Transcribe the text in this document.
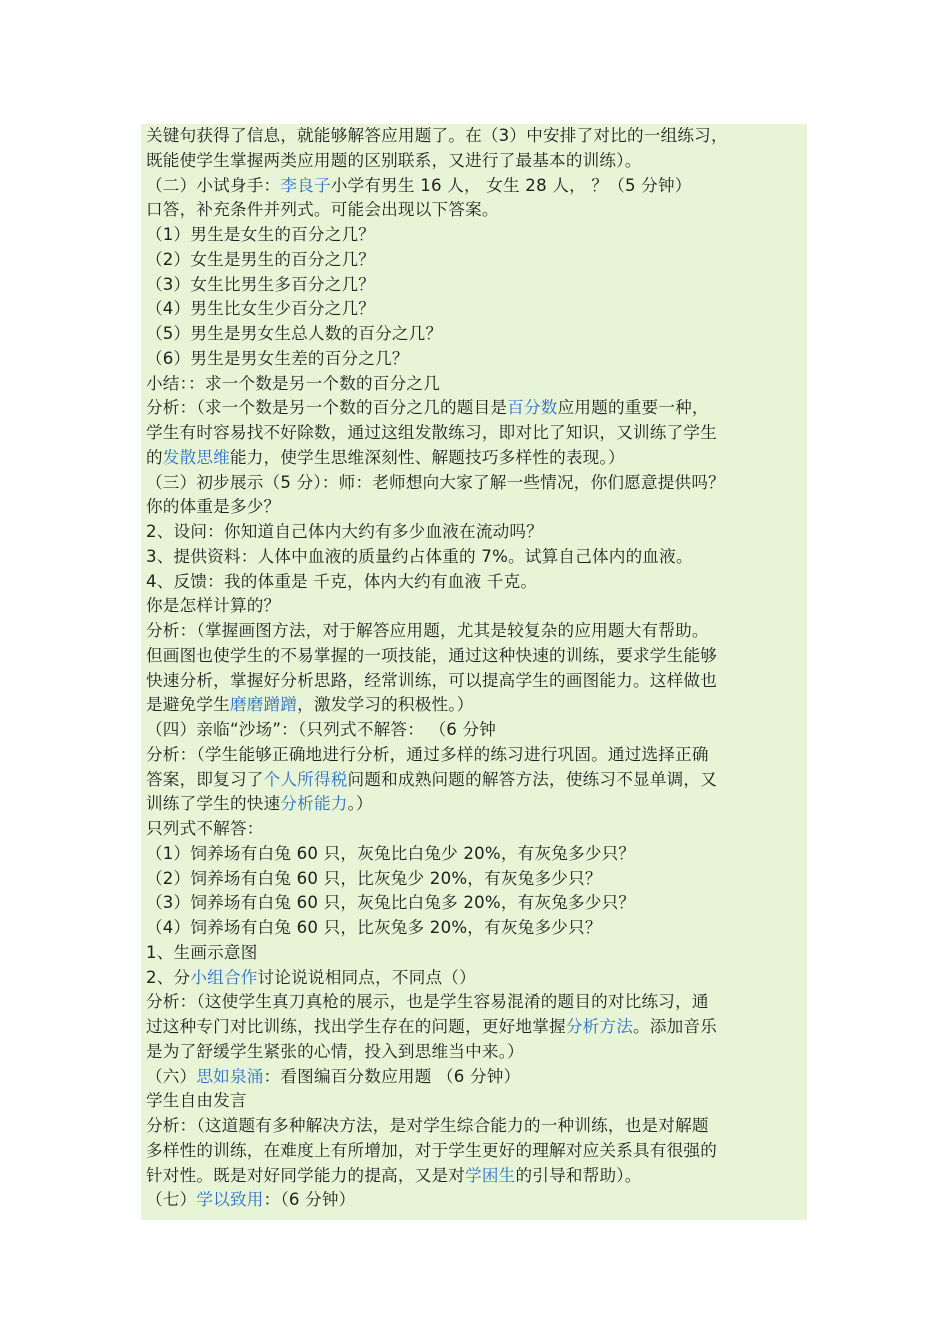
关键句获得了信息，就能够解答应用题了。在（3）中安排了对比的一组练习，
既能使学生掌握两类应用题的区别联系，又进行了最基本的训练）。
（二）小试身手：李良子小学有男生 16 人， 女生 28 人， ？（5 分钟）
口答，补充条件并列式。可能会出现以下答案。
（1）男生是女生的百分之几？
（2）女生是男生的百分之几？
（3）女生比男生多百分之几？
（4）男生比女生少百分之几？
（5）男生是男女生总人数的百分之几？
（6）男生是男女生差的百分之几？
小结：：求一个数是另一个数的百分之几
分析：（求一个数是另一个数的百分之几的题目是百分数应用题的重要一种，
学生有时容易找不好除数，通过这组发散练习，即对比了知识，又训练了学生
的发散思维能力，使学生思维深刻性、解题技巧多样性的表现。）
（三）初步展示（5 分）：师：老师想向大家了解一些情况，你们愿意提供吗？
你的体重是多少？
2、设问：你知道自己体内大约有多少血液在流动吗？
3、提供资料：人体中血液的质量约占体重的 7%。试算自己体内的血液。
4、反馈：我的体重是 千克，体内大约有血液 千克。
你是怎样计算的？
分析：（掌握画图方法，对于解答应用题，尤其是较复杂的应用题大有帮助。
但画图也使学生的不易掌握的一项技能，通过这种快速的训练，要求学生能够
快速分析，掌握好分析思路，经常训练，可以提高学生的画图能力。这样做也
是避免学生磨磨蹭蹭，激发学习的积极性。）
（四）亲临“沙场”：（只列式不解答： （6 分钟
分析：（学生能够正确地进行分析，通过多样的练习进行巩固。通过选择正确
答案，即复习了个人所得税问题和成熟问题的解答方法，使练习不显单调，又
训练了学生的快速分析能力。）
只列式不解答：
（1）饲养场有白兔 60 只，灰兔比白兔少 20%，有灰兔多少只？
（2）饲养场有白兔 60 只，比灰兔少 20%，有灰兔多少只？
（3）饲养场有白兔 60 只，灰兔比白兔多 20%，有灰兔多少只？
（4）饲养场有白兔 60 只，比灰兔多 20%，有灰兔多少只？
1、生画示意图
2、分小组合作讨论说说相同点，不同点（）
分析：（这使学生真刀真枪的展示，也是学生容易混淆的题目的对比练习，通
过这种专门对比训练，找出学生存在的问题，更好地掌握分析方法。添加音乐
是为了舒缓学生紧张的心情，投入到思维当中来。）
（六）思如泉涌：看图编百分数应用题 （6 分钟）
学生自由发言
分析：（这道题有多种解决方法，是对学生综合能力的一种训练，也是对解题
多样性的训练，在难度上有所增加，对于学生更好的理解对应关系具有很强的
针对性。既是对好同学能力的提高，又是对学困生的引导和帮助）。
（七）学以致用：（6 分钟）
